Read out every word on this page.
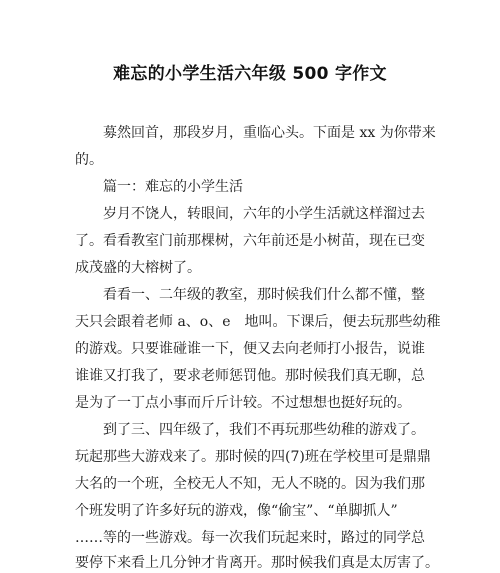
难忘的小学生活六年级 500 字作文
募然回首，那段岁月，重临心头。下面是 xx 为你带来
的。
篇一：难忘的小学生活
岁月不饶人，转眼间，六年的小学生活就这样溜过去
了。看看教室门前那棵树，六年前还是小树苗，现在已变
成茂盛的大榕树了。
看看一、二年级的教室，那时候我们什么都不懂，整
天只会跟着老师 a、o、e　地叫。下课后，便去玩那些幼稚
的游戏。只要谁碰谁一下，便又去向老师打小报告，说谁
谁谁又打我了，要求老师惩罚他。那时候我们真无聊，总
是为了一丁点小事而斤斤计较。不过想想也挺好玩的。
到了三、四年级了，我们不再玩那些幼稚的游戏了。
玩起那些大游戏来了。那时候的四(7)班在学校里可是鼎鼎
大名的一个班，全校无人不知，无人不晓的。因为我们那
个班发明了许多好玩的游戏，像“偷宝”、“单脚抓人”
……等的一些游戏。每一次我们玩起来时，路过的同学总
要停下来看上几分钟才肯离开。那时候我们真是太厉害了。
